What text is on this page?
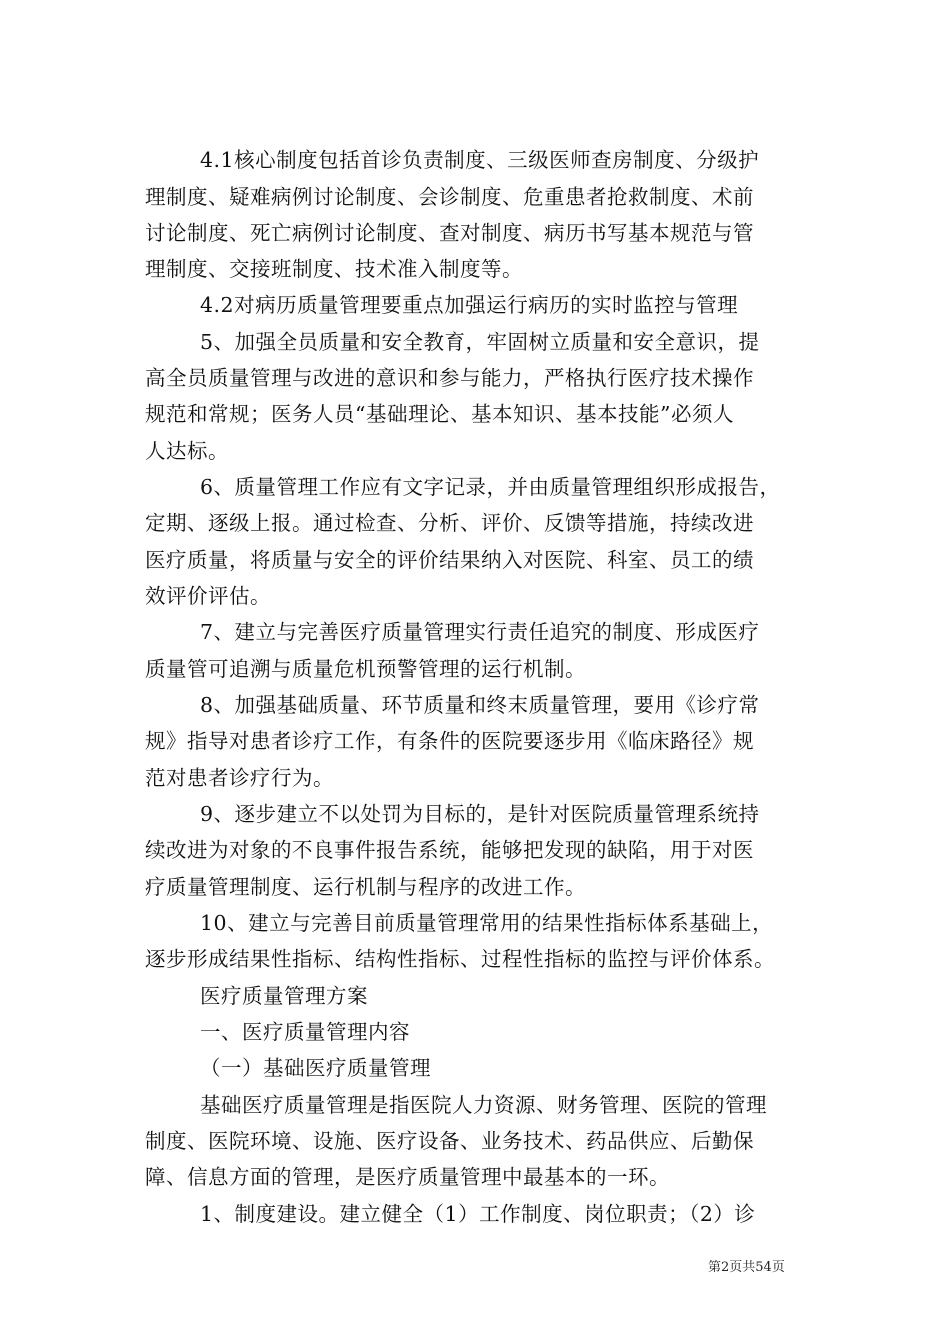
4.1核心制度包括首诊负责制度、三级医师查房制度、分级护
理制度、疑难病例讨论制度、会诊制度、危重患者抢救制度、术前
讨论制度、死亡病例讨论制度、查对制度、病历书写基本规范与管
理制度、交接班制度、技术准入制度等。
4.2对病历质量管理要重点加强运行病历的实时监控与管理
5、加强全员质量和安全教育，牢固树立质量和安全意识，提
高全员质量管理与改进的意识和参与能力，严格执行医疗技术操作
规范和常规；医务人员“基础理论、基本知识、基本技能”必须人
人达标。
6、质量管理工作应有文字记录，并由质量管理组织形成报告，
定期、逐级上报。通过检查、分析、评价、反馈等措施，持续改进
医疗质量，将质量与安全的评价结果纳入对医院、科室、员工的绩
效评价评估。
7、建立与完善医疗质量管理实行责任追究的制度、形成医疗
质量管可追溯与质量危机预警管理的运行机制。
8、加强基础质量、环节质量和终末质量管理，要用《诊疗常
规》指导对患者诊疗工作，有条件的医院要逐步用《临床路径》规
范对患者诊疗行为。
9、逐步建立不以处罚为目标的，是针对医院质量管理系统持
续改进为对象的不良事件报告系统，能够把发现的缺陷，用于对医
疗质量管理制度、运行机制与程序的改进工作。
10、建立与完善目前质量管理常用的结果性指标体系基础上，
逐步形成结果性指标、结构性指标、过程性指标的监控与评价体系。
医疗质量管理方案
一、医疗质量管理内容
（一）基础医疗质量管理
基础医疗质量管理是指医院人力资源、财务管理、医院的管理
制度、医院环境、设施、医疗设备、业务技术、药品供应、后勤保
障、信息方面的管理，是医疗质量管理中最基本的一环。
1、制度建设。建立健全（1）工作制度、岗位职责；（2）诊
第2页共54页
